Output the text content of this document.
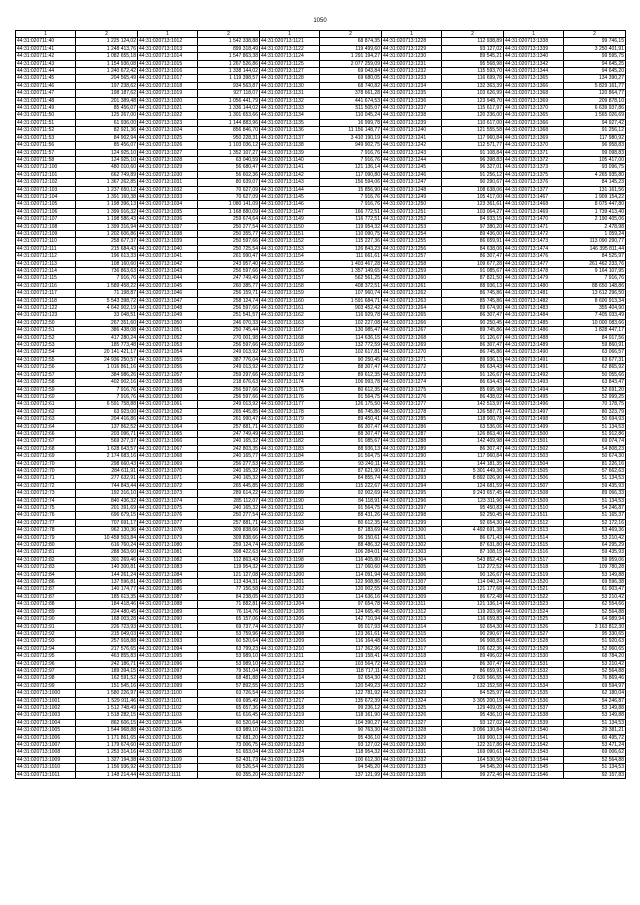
1050
1	2	1	2	1	2	1	2	1	2
44:31:020711:40	1 225 124,02	44:31:020713:1012	1 542 338,88	44:31:020713:1121	68 874,35	44:31:020713:1228	112 938,89	44:31:020713:1338	99 746,15
44:31:020711:41	1 248 413,76	44:31:020713:1013	899 318,49	44:31:020713:1122	119 499,60	44:31:020713:1229	93 127,02	44:31:020713:1339	3 250 401,91
44:31:020711:42	1 082 655,18	44:31:020713:1014	1 547 863,38	44:31:020713:1124	1 291 194,27	44:31:020713:1230	89 545,21	44:31:020713:1340	99 595,75
44:31:020711:43	1 154 936,08	44:31:020713:1015	1 267 526,86	44:31:020713:1125	2 077 259,09	44:31:020713:1231	95 568,98	44:31:020713:1342	94 645,25
44:31:020711:44	1 240 672,42	44:31:020713:1016	1 338 144,02	44:31:020713:1127	69 043,84	44:31:020713:1232	115 593,70	44:31:020713:1344	94 645,20
44:31:020711:45	204 565,49	44:31:020713:1017	1 119 398,57	44:31:020713:1128	69 680,05	44:31:020713:1233	116 699,78	44:31:020713:1365	134 390,27
44:31:020711:46	197 238,62	44:31:020713:1018	934 563,87	44:31:020713:1130	68 740,82	44:31:020713:1234	132 363,39	44:31:020713:1366	5 829 161,77
44:31:020711:47	198 187,62	44:31:020713:1019	927 118,07	44:31:020713:1131	378 661,28	44:31:020713:1235	103 626,99	44:31:020713:1368	120 864,77
44:31:020711:48	201 389,48	44:31:020713:1020	1 056 441,79	44:31:020713:1132	441 674,53	44:31:020713:1236	123 948,70	44:31:020713:1369	209 878,10
44:31:020711:49	85 456,07	44:31:020713:1021	1 336 144,02	44:31:020713:1133	511 505,07	44:31:020713:1237	115 617,97	44:31:020713:1370	6 639 937,86
44:31:020711:50	125 267,00	44:31:020713:1022	1 301 653,66	44:31:020713:1134	110 045,24	44:31:020713:1238	120 236,00	44:31:020713:1365	1 565 026,69
44:31:020711:51	61 936,00	44:31:020713:1023	1 144 883,96	44:31:020713:1135	16 999,78	44:31:020713:1239	110 617,00	44:31:020713:1366	94 927,42
44:31:020711:52	82 921,36	44:31:020713:1024	856 846,70	44:31:020713:1136	11 156 148,77	44:31:020713:1240	121 555,58	44:31:020713:1368	91 256,12
44:31:020711:53	84 902,94	44:31:020713:1025	950 228,31	44:31:020713:1137	3 410 190,19	44:31:020713:1241	117 960,84	44:31:020713:1369	117 980,92
44:31:020711:56	85 456,07	44:31:020713:1026	1 103 036,12	44:31:020713:1138	949 902,75	44:31:020713:1242	112 571,77	44:31:020713:1370	96 958,83
44:31:020711:57	124 925,10	44:31:020713:1027	1 352 107,27	44:31:020713:1139	7 916,76	44:31:020713:1243	91 108,84	44:31:020713:1371	99 098,83
44:31:020711:58	124 925,10	44:31:020713:1028	63 040,59	44:31:020713:1140	7 916,76	44:31:020713:1244	96 398,83	44:31:020713:1372	105 417,00
44:31:020712:100	480 010,60	44:31:020713:1029	56 680,47	44:31:020713:1141	121 136,14	44:31:020713:1245	96 327,01	44:31:020713:1373	93 096,75
44:31:020712:101	662 749,89	44:31:020713:1030	56 602,36	44:31:020713:1142	117 090,80	44:31:020713:1246	91 256,12	44:31:020713:1375	4 265 935,80
44:31:020712:102	1 367 262,85	44:31:020713:1031	80 639,07	44:31:020713:1143	156 594,06	44:31:020713:1247	90 290,67	44:31:020713:1376	84 145,23
44:31:020712:103	1 237 650,12	44:31:020713:1032	70 627,09	44:31:020713:1144	15 856,90	44:31:020713:1248	108 638,06	44:31:020713:1377	131 161,56
44:31:020712:104	1 391 160,38	44:31:020713:1033	70 627,09	44:31:020713:1145	7 916,76	44:31:020713:1249	105 417,00	44:31:020713:1467	1 909 154,22
44:31:020712:105	1 198 396,13	44:31:020713:1034	1 080 141,09	44:31:020713:1146	7 916,76	44:31:020713:1250	123 361,61	44:31:020713:1468	8 075 447,80
44:31:020712:106	1 399 916,32	44:31:020713:1035	1 168 880,09	44:31:020713:1147	166 772,51	44:31:020713:1251	103 064,27	44:31:020713:1469	1 739 413,40
44:31:020712:107	1 198 586,43	44:31:020713:1036	259 674,64	44:31:020713:1149	116 772,51	44:31:020713:1252	84 933,15	44:31:020713:1470	2 190 405,06
44:31:020712:108	1 399 316,94	44:31:020713:1037	250 277,54	44:31:020713:1150	119 954,32	44:31:020713:1253	97 380,20	44:31:020713:1471	2 478,98
44:31:020712:109	1 202 606,86	44:31:020713:1038	250 355,77	44:31:020713:1151	110 090,75	44:31:020713:1254	89 436,00	44:31:020713:1472	1 059,24
44:31:020712:110	258 677,37	44:31:020713:1039	250 597,66	44:31:020713:1152	115 227,36	44:31:020713:1255	86 659,91	44:31:020713:1473	113 090 290,77
44:31:020712:111	215 684,43	44:31:020713:1040	250 725,54	44:31:020713:1153	126 843,23	44:31:020713:1256	84 638,06	44:31:020713:1474	146 395 811,44
44:31:020712:112	196 613,33	44:31:020713:1041	261 990,47	44:31:020713:1154	111 661,61	44:31:020713:1257	86 307,47	44:31:020713:1476	84 525,97
44:31:020712:113	108 160,60	44:31:020713:1042	243 957,40	44:31:020713:1155	1 403 467,28	44:31:020713:1258	109 677,28	44:31:020713:1477	261 462 233,76
44:31:020712:114	736 863,63	44:31:020713:1043	256 597,66	44:31:020713:1156	1 357 149,65	44:31:020713:1259	91 085,67	44:31:020713:1478	9 164 107,95
44:31:020712:115	7 916,76	44:31:020713:1044	247 749,49	44:31:020713:1157	562 561,25	44:31:020713:1260	87 821,50	44:31:020713:1479	7 916,76
44:31:020712:116	1 589 458,22	44:31:020713:1045	260 385,77	44:31:020713:1158	408 372,51	44:31:020713:1261	88 936,13	44:31:020713:1480	88 650 148,86
44:31:020712:117	71 198,87	44:31:020713:1046	256 159,71	44:31:020713:1159	107 960,74	44:31:020713:1262	86 745,86	44:31:020713:1481	13 612 296,50
44:31:020712:118	5 543 398,72	44:31:020713:1047	258 124,74	44:31:020713:1160	1 591 684,71	44:31:020713:1263	85 745,86	44:31:020713:1482	8 600 913,34
44:31:020712:122	4 642 902,19	44:31:020713:1048	256 597,66	44:31:020713:1161	903 452,42	44:31:020713:1264	89 674,90	44:31:020713:1483	355 404,90
44:31:020712:123	33 048,51	44:31:020713:1049	251 541,57	44:31:020713:1162	116 929,78	44:31:020713:1265	86 307,47	44:31:020713:1484	7 405 033,49
44:31:020712:50	267 351,60	44:31:020713:1050	246 070,33	44:31:020713:1163	102 227,08	44:31:020713:1266	90 250,45	44:31:020713:1485	10 000 083,66
44:31:020712:51	386 438,08	44:31:020713:1051	250 745,44	44:31:020713:1167	130 985,47	44:31:020713:1267	89 745,86	44:31:020713:1486	1 828 447,17
44:31:020712:52	417 280,24	44:31:020713:1052	270 001,98	44:31:020713:1168	114 636,15	44:31:020713:1268	91 126,67	44:31:020713:1488	84 017,56
44:31:020712:53	185 773,48	44:31:020713:1053	256 597,66	44:31:020713:1169	132 772,59	44:31:020713:1269	86 307,47	44:31:020713:1489	59 860,91
44:31:020712:54	20 141 421,17	44:31:020713:1054	249 013,92	44:31:020713:1170	102 617,81	44:31:020713:1270	86 745,86	44:31:020713:1490	63 066,57
44:31:020712:55	24 936 250,57	44:31:020713:1055	387 776,04	44:31:020713:1171	90 250,45	44:31:020713:1271	89 936,13	44:31:020713:1491	63 677,31
44:31:020712:56	1 016 861,16	44:31:020713:1056	249 013,92	44:31:020713:1172	88 307,47	44:31:020713:1272	86 634,43	44:31:020713:1491	62 865,92
44:31:020712:57	384 986,26	44:31:020713:1057	259 297,66	44:31:020713:1173	89 612,35	44:31:020713:1273	91 126,67	44:31:020713:1492	50 055,66
44:31:020712:58	402 902,16	44:31:020713:1058	218 676,63	44:31:020713:1174	106 993,78	44:31:020713:1274	86 634,43	44:31:020713:1493	63 843,47
44:31:020712:59	7 916,76	44:31:020713:1059	256 597,66	44:31:020713:1175	80 612,35	44:31:020713:1275	85 695,98	44:31:020713:1494	52 691,20
44:31:020712:60	7 916,76	44:31:020713:1060	256 597,66	44:31:020713:1176	91 564,75	44:31:020713:1276	86 438,02	44:31:020713:1495	52 999,25
44:31:020712:61	6 591 758,88	44:31:020713:1061	249 013,92	44:31:020713:1177	126 175,50	44:31:020713:1277	142 513,97	44:31:020713:1496	70 178,75
44:31:020712:62	63 923,00	44:31:020713:1062	265 445,85	44:31:020713:1178	86 745,86	44:31:020713:1278	126 587,71	44:31:020713:1497	80 323,79
44:31:020712:63	204 416,86	44:31:020713:1063	261 990,47	44:31:020713:1179	89 450,41	44:31:020713:1285	118 900,78	44:31:020713:1498	50 694,93
44:31:020712:64	137 862,52	44:31:020713:1064	257 881,71	44:31:020713:1180	86 307,47	44:31:020713:1286	63 536,06	44:31:020713:1499	51 134,53
44:31:020712:66	203 096,71	44:31:020713:1065	247 749,49	44:31:020713:1181	88 307,47	44:31:020713:1287	126 863,40	44:31:020713:1500	51 912,86
44:31:020712:67	569 377,37	44:31:020713:1066	240 165,32	44:31:020713:1182	91 085,67	44:31:020713:1288	142 409,98	44:31:020713:1501	69 074,74
44:31:020712:68	1 628 643,57	44:31:020713:1067	242 803,35	44:31:020713:1183	88 936,13	44:31:020713:1289	86 307,47	44:31:020713:1502	54 808,23
44:31:020712:69	2 174 683,16	44:31:020713:1068	240 165,77	44:31:020713:1184	91 564,75	44:31:020713:1290	117 960,84	44:31:020713:1503	50 674,30
44:31:020712:70	298 660,43	44:31:020713:1069	256 277,53	44:31:020713:1185	93 240,11	44:31:020713:1291	144 181,35	44:31:020713:1504	81 226,16
44:31:020712:70	284 611,91	44:31:020713:1070	240 165,32	44:31:020713:1186	87 621,90	44:31:020713:1292	5 301 449,36	44:31:020713:1505	57 662,63
44:31:020712:71	277 632,91	44:31:020713:1071	240 165,32	44:31:020713:1187	84 855,74	44:31:020713:1293	8 892 026,90	44:31:020713:1506	51 134,53
44:31:020712:72	744 843,44	44:31:020713:1072	265 445,85	44:31:020713:1188	115 222,67	44:31:020713:1294	124 681,59	44:31:020713:1507	59 435,93
44:31:020712:73	192 316,10	44:31:020713:1073	289 614,22	44:31:020713:1189	92 002,69	44:31:020713:1295	9 243 657,45	44:31:020713:1508	89 066,33
44:31:020712:74	840 436,32	44:31:020713:1074	285 112,07	44:31:020713:1190	84 118,91	44:31:020713:1296	123 311,96	44:31:020713:1509	51 134,53
44:31:020712:75	201 391,69	44:31:020713:1075	240 165,32	44:31:020713:1191	91 564,75	44:31:020713:1297	95 450,83	44:31:020713:1510	54 246,87
44:31:020712:76	696 679,15	44:31:020713:1076	250 277,54	44:31:020713:1192	88 431,26	44:31:020713:1298	92 250,45	44:31:020713:1511	51 165,37
44:31:020712:77	707 691,17	44:31:020713:1077	257 881,71	44:31:020713:1193	80 612,35	44:31:020713:1299	92 654,30	44:31:020713:1512	52 172,16
44:31:020712:78	962 130,36	44:31:020713:1078	309 838,66	44:31:020713:1194	87 183,69	44:31:020713:1300	4 492 691,38	44:31:020713:1513	53 469,36
44:31:020712:79	10 458 503,84	44:31:020713:1079	309 838,66	44:31:020713:1195	96 150,61	44:31:020713:1301	86 671,43	44:31:020713:1514	53 210,42
44:31:020712:80	616 760,24	44:31:020713:1080	259 124,74	44:31:020713:1196	88 486,32	44:31:020713:1302	87 631,80	44:31:020713:1515	64 295,29
44:31:020712:81	288 363,60	44:31:020713:1081	308 422,63	44:31:020713:1197	106 284,01	44:31:020713:1303	87 108,15	44:31:020713:1516	59 435,93
44:31:020712:82	301 269,46	44:31:020713:1082	112 863,43	44:31:020713:1198	116 405,80	44:31:020713:1304	543 852,42	44:31:020713:1517	59 959,06
44:31:020712:83	140 300,81	44:31:020713:1083	119 954,32	44:31:020713:1199	117 060,60	44:31:020713:1305	112 272,52	44:31:020713:1518	109 780,28
44:31:020712:84	144 261,24	44:31:020713:1084	121 127,08	44:31:020713:1200	114 091,94	44:31:020713:1306	90 126,67	44:31:020713:1519	53 149,88
44:31:020712:86	137 596,81	44:31:020713:1085	113 434,31	44:31:020713:1201	122 908,86	44:31:020713:1307	114 040,24	44:31:020713:1520	69 596,38
44:31:020712:87	140 174,77	44:31:020713:1086	77 156,58	44:31:020713:1202	120 902,55	44:31:020713:1308	121 177,68	44:31:020713:1521	61 903,47
44:31:020712:87	185 613,35	44:31:020713:1087	84 238,05	44:31:020713:1203	114 636,16	44:31:020713:1309	86 672,48	44:31:020713:1522	53 210,42
44:31:020712:88	184 418,46	44:31:020713:1088	71 882,81	44:31:020713:1204	97 654,78	44:31:020713:1311	121 136,14	44:31:020713:1523	62 554,66
44:31:020712:89	224 480,45	44:31:020713:1089	76 114,76	44:31:020713:1205	124 665,45	44:31:020713:1312	119 203,96	44:31:020713:1524	52 564,88
44:31:020712:90	168 003,28	44:31:020713:1090	65 157,06	44:31:020713:1206	142 710,94	44:31:020713:1313	116 659,83	44:31:020713:1525	64 989,94
44:31:020712:91	226 723,93	44:31:020713:1091	69 737,74	44:31:020713:1207	95 017,93	44:31:020713:1314	92 654,30	44:31:020713:1526	3 163 812,30
44:31:020712:92	215 049,03	44:31:020713:1092	53 759,96	44:31:020713:1208	123 361,61	44:31:020713:1315	90 290,67	44:31:020713:1527	95 330,65
44:31:020712:93	257 918,88	44:31:020713:1093	60 520,64	44:31:020713:1209	116 164,48	44:31:020713:1316	96 908,83	44:31:020713:1528	51 920,63
44:31:020712:94	217 576,65	44:31:020713:1094	63 799,23	44:31:020713:1210	117 362,96	44:31:020713:1317	106 622,36	44:31:020713:1529	52 960,65
44:31:020712:95	463 855,83	44:31:020713:1095	53 989,10	44:31:020713:1211	119 158,41	44:31:020713:1318	89 496,02	44:31:020713:1530	68 784,20
44:31:020712:96	242 186,71	44:31:020713:1096	53 989,10	44:31:020713:1212	103 564,72	44:31:020713:1319	86 307,47	44:31:020713:1531	53 210,42
44:31:020712:97	189 394,15	44:31:020713:1097	79 361,04	44:31:020713:1213	118 717,11	44:31:020713:1320	86 659,91	44:31:020713:1532	52 564,88
44:31:020712:98	162 591,52	44:31:020713:1098	68 481,88	44:31:020713:1214	92 654,30	44:31:020713:1321	2 630 566,55	44:31:020713:1533	76 869,46
44:31:020712:99	151 545,16	44:31:020713:1099	57 892,55	44:31:020713:1215	120 549,23	44:31:020713:1322	132 152,58	44:31:020713:1534	69 594,97
44:31:020713:1000	1 580 226,97	44:31:020713:1100	63 726,54	44:31:020713:1216	122 781,92	44:31:020713:1323	84 525,97	44:31:020713:1535	62 180,04
44:31:020713:1001	1 529 911,46	44:31:020713:1101	69 695,49	44:31:020713:1217	135 672,39	44:31:020713:1324	3 305 200,19	44:31:020713:1536	54 246,87
44:31:020713:1002	1 512 748,49	44:31:020713:1102	65 657,36	44:31:020713:1218	99 236,12	44:31:020713:1325	129 409,05	44:31:020713:1537	53 149,88
44:31:020713:1003	1 518 282,15	44:31:020713:1103	61 616,45	44:31:020713:1219	118 161,90	44:31:020713:1326	95 436,10	44:31:020713:1538	53 149,88
44:31:020713:1004	862 606,15	44:31:020713:1104	60 520,64	44:31:020713:1220	104 390,27	44:31:020713:1327	93 127,02	44:31:020713:1539	51 134,53
44:31:020713:1005	1 544 968,88	44:31:020713:1105	63 989,10	44:31:020713:1221	90 763,30	44:31:020713:1328	3 096 130,84	44:31:020713:1540	29 381,21
44:31:020713:1006	1 171 861,65	44:31:020713:1106	62 681,20	44:31:020713:1222	95 436,10	44:31:020713:1329	169 900,13	44:31:020713:1541	60 495,72
44:31:020713:1007	1 179 674,60	44:31:020713:1107	73 006,75	44:31:020713:1223	93 127,02	44:31:020713:1330	122 317,86	44:31:020713:1542	53 471,24
44:31:020713:1008	1 253 314,16	44:31:020713:1108	51 653,04	44:31:020713:1224	118 954,32	44:31:020713:1331	169 090,61	44:31:020713:1543	69 006,62
44:31:020713:1009	1 327 194,38	44:31:020713:1109	52 431,73	44:31:020713:1225	100 612,30	44:31:020713:1332	164 530,50	44:31:020713:1544	52 564,88
44:31:020713:1010	1 156 936,92	44:31:020713:1110	60 526,54	44:31:020713:1226	94 545,20	44:31:020713:1333	94 545,20	44:31:020713:1545	51 134,53
44:31:020713:1011	1 148 214,44	44:31:020713:1111	60 355,20	44:31:020713:1227	137 121,99	44:31:020713:1335	99 272,46	44:31:020713:1546	92 157,83
